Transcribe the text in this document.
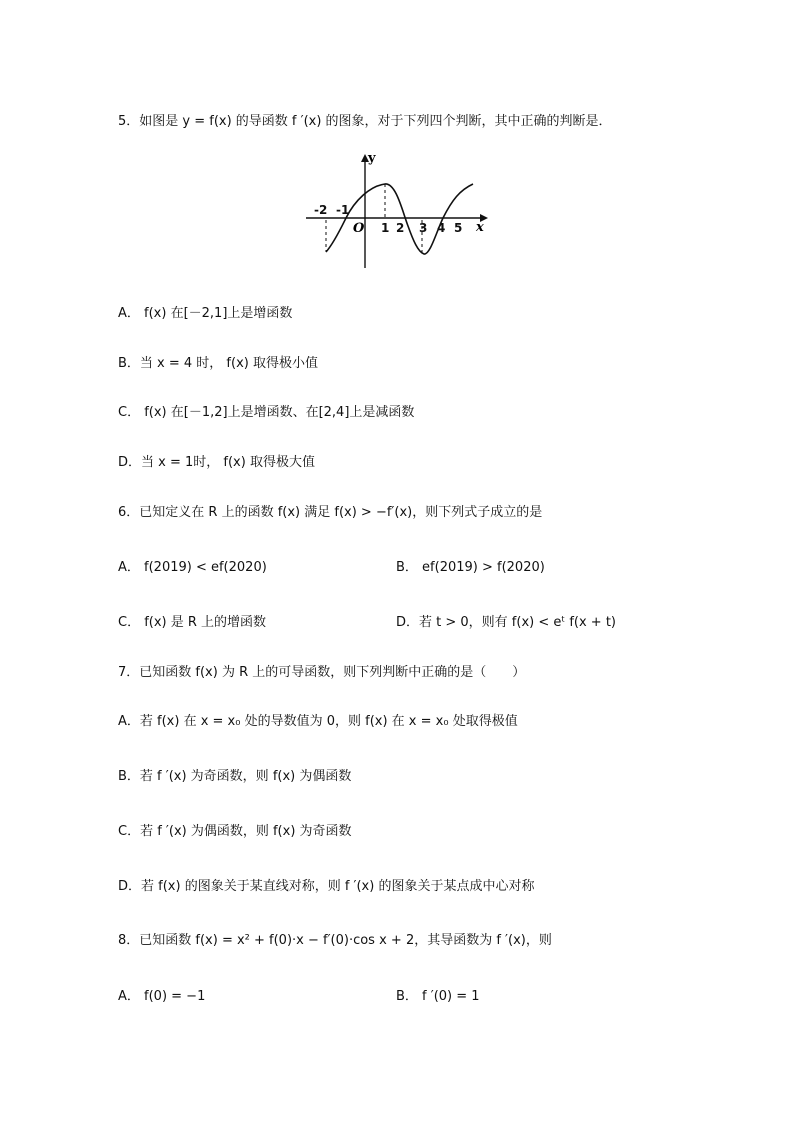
5．如图是 y = f(x) 的导函数 f ′(x) 的图象，对于下列四个判断，其中正确的判断是．
y
x
O
-2 -1
1 2 3 4 5
A． f(x) 在[－2,1]上是增函数
B．当 x = 4 时， f(x) 取得极小值
C． f(x) 在[－1,2]上是增函数、在[2,4]上是减函数
D．当 x = 1时， f(x) 取得极大值
6．已知定义在 R 上的函数 f(x) 满足 f(x) > −f′(x)，则下列式子成立的是
A． f(2019) < ef(2020)	B． ef(2019) > f(2020)
C． f(x) 是 R 上的增函数	D．若 t > 0，则有 f(x) < eᵗ f(x + t)
7．已知函数 f(x) 为 R 上的可导函数，则下列判断中正确的是（　　）
A．若 f(x) 在 x = x₀ 处的导数值为 0，则 f(x) 在 x = x₀ 处取得极值
B．若 f ′(x) 为奇函数，则 f(x) 为偶函数
C．若 f ′(x) 为偶函数，则 f(x) 为奇函数
D．若 f(x) 的图象关于某直线对称，则 f ′(x) 的图象关于某点成中心对称
8．已知函数 f(x) = x² + f(0)·x − f′(0)·cos x + 2，其导函数为 f ′(x)，则
A． f(0) = −1	B． f ′(0) = 1
